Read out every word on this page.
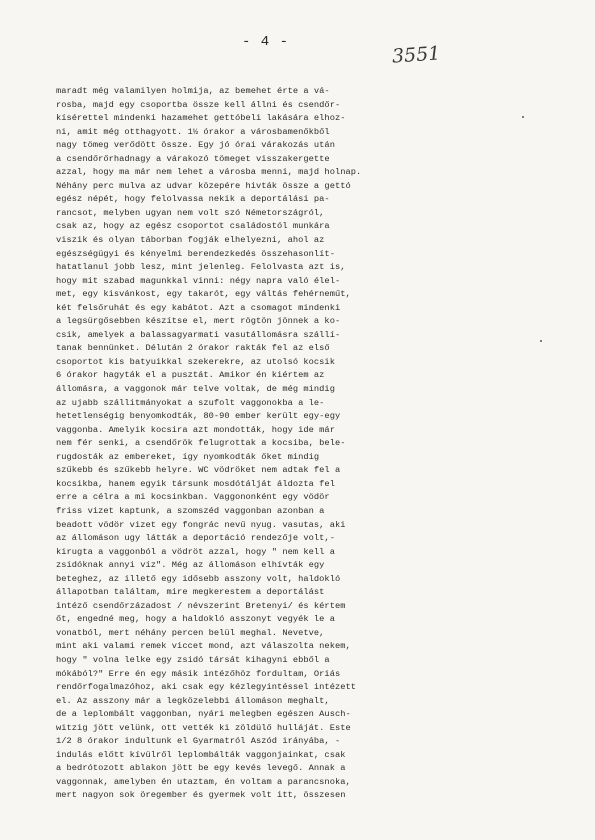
- 4 -
3551
maradt még valamilyen holmija, az bemehet érte a vá-
rosba, majd egy csoportba össze kell állni és csendőr-
kísérettel mindenki hazamehet gettóbeli lakására elhoz-
ni, amit még otthagyott. 1½ órakor a városbamenőkből
nagy tömeg verődött össze. Egy jó órai várakozás után
a csendőrőrhadnagy a várakozó tömeget visszakergette
azzal, hogy ma már nem lehet a városba menni, majd holnap.
Néhány perc mulva az udvar közepére hivták össze a gettó
egész népét, hogy felolvassa nekik a deportálási pa-
rancsot, melyben ugyan nem volt szó Németországról,
csak az, hogy az egész csoportot családostól munkára
viszik és olyan táborban fogják elhelyezni, ahol az
egészségügyi és kényelmi berendezkedés összehasonlít-
hatatlanul jobb lesz, mint jelenleg. Felolvasta azt is,
hogy mit szabad magunkkal vinni: négy napra való élel-
met, egy kisvánkost, egy takarót, egy váltás fehérneműt,
két felsőruhát és egy kabátot. Azt a csomagot mindenki
a legsürgősebben készítse el, mert rögtön jönnek a ko-
csik, amelyek a balassagyarmati vasutállomásra szállí-
tanak bennünket. Délután 2 órakor rakták fel az első
csoportot kis batyuikkal szekerekre, az utolsó kocsik
6 órakor hagyták el a pusztát. Amikor én kiértem az
állomásra, a vaggonok már telve voltak, de még mindig
az ujabb szállitmányokat a szufolt vaggonokba a le-
hetetlenségig benyomkodták, 80-90 ember került egy-egy
vaggonba. Amelyik kocsira azt mondották, hogy ide már
nem fér senki, a csendőrök felugrottak a kocsiba, bele-
rugdosták az embereket, így nyomkodták őket mindig
szűkebb és szűkebb helyre. WC vödröket nem adtak fel a
kocsikba, hanem egyik társunk mosdótálját áldozta fel
erre a célra a mi kocsinkban. Vaggononként egy vödör
friss vizet kaptunk, a szomszéd vaggonban azonban a
beadott vödör vizet egy fongrác nevű nyug. vasutas, aki
az állomáson ugy látták a deportáció rendezője volt,-
kirugta a vaggonból a vödröt azzal, hogy " nem kell a
zsidóknak annyi víz". Még az állomáson elhívták egy
beteghez, az illető egy idősebb asszony volt, haldokló
állapotban találtam, mire megkerestem a deportálást
intéző csendőrzázadost / névszerint Bretenyi/ és kértem
őt, engedné meg, hogy a haldokló asszonyt vegyék le a
vonatból, mert néhány percen belül meghal. Nevetve,
mint aki valami remek viccet mond, azt válaszolta nekem,
hogy " volna lelke egy zsidó társát kihagyni ebből a
mókából?" Erre én egy másik intézőhöz fordultam, Oriás
rendőrfogalmazóhoz, aki csak egy kézlegyintéssel intézett
el. Az asszony már a legközelebbi állomáson meghalt,
de a leplombált vaggonban, nyári melegben egészen Ausch-
witzig jött velünk, ott vették ki zöldülő hulláját. Este
1/2 8 órakor indultunk el Gyarmatról Aszód irányába, -
indulás előtt kívülről leplombálták vaggonjainkat, csak
a bedrótozott ablakon jött be egy kevés levegő. Annak a
vaggonnak, amelyben én utaztam, én voltam a parancsnoka,
mert nagyon sok öregember és gyermek volt itt, összesen
